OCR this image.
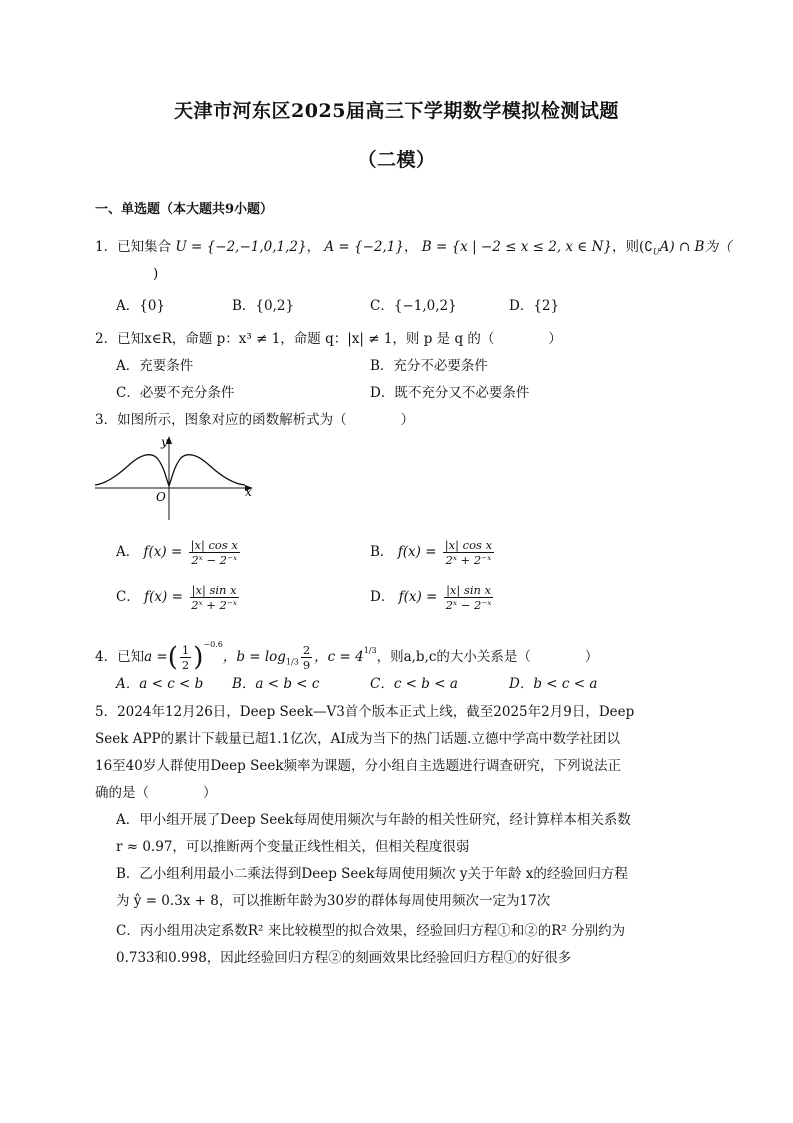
天津市河东区2025届高三下学期数学模拟检测试题
（二模）
一、单选题（本大题共9小题）
1．已知集合 U = {−2,−1,0,1,2}， A = {−2,1}， B = {x | −2 ≤ x ≤ 2, x ∈ N}，则$(∁_UA)$ ∩ B为（
)
A．{0}	B．{0,2}	C．{−1,0,2}	D．{2}
2．已知x∈R，命题 p：x³ ≠ 1，命题 q：|x| ≠ 1，则 p 是 q 的（　　　　）
A．充要条件	B．充分不必要条件
C．必要不充分条件	D．既不充分又不必要条件
3．如图所示，图象对应的函数解析式为（　　　　）
y
x
O
A． $f(x) = \frac{\text{|x| cos x}}{\text{2ˣ − 2⁻ˣ}}$	B． $f(x) = \frac{\text{|x| cos x}}{\text{2ˣ + 2⁻ˣ}}$
C． $f(x) = \frac{\text{|x| sin x}}{\text{2ˣ + 2⁻ˣ}}$	D． $f(x) = \frac{\text{|x| sin x}}{\text{2ˣ − 2⁻ˣ}}$
4．已知a =( $\frac{1}{2} )^{-0.6}$，$b = \log_{1/3} \frac{2}{9}$ ，$c = 4^{1/3}$，则a,b,c的大小关系是（　　　　）
A．a < c < b B．a < b < c	C．c < b < a	D．b < c < a
5．2024年12月26日，Deep Seek—V3首个版本正式上线，截至2025年2月9日，Deep
Seek APP的累计下载量已超1.1亿次，AI成为当下的热门话题.立德中学高中数学社团以
16至40岁人群使用Deep Seek频率为课题，分小组自主选题进行调查研究，下列说法正
确的是（　　　　）
A．甲小组开展了Deep Seek每周使用频次与年龄的相关性研究，经计算样本相关系数
r ≈ 0.97，可以推断两个变量正线性相关，但相关程度很弱
B．乙小组利用最小二乘法得到Deep Seek每周使用频次 y关于年龄 x的经验回归方程
为 ŷ = 0.3x + 8，可以推断年龄为30岁的群体每周使用频次一定为17次
C．丙小组用决定系数R² 来比较模型的拟合效果，经验回归方程①和②的R² 分别约为
0.733和0.998，因此经验回归方程②的刻画效果比经验回归方程①的好很多
